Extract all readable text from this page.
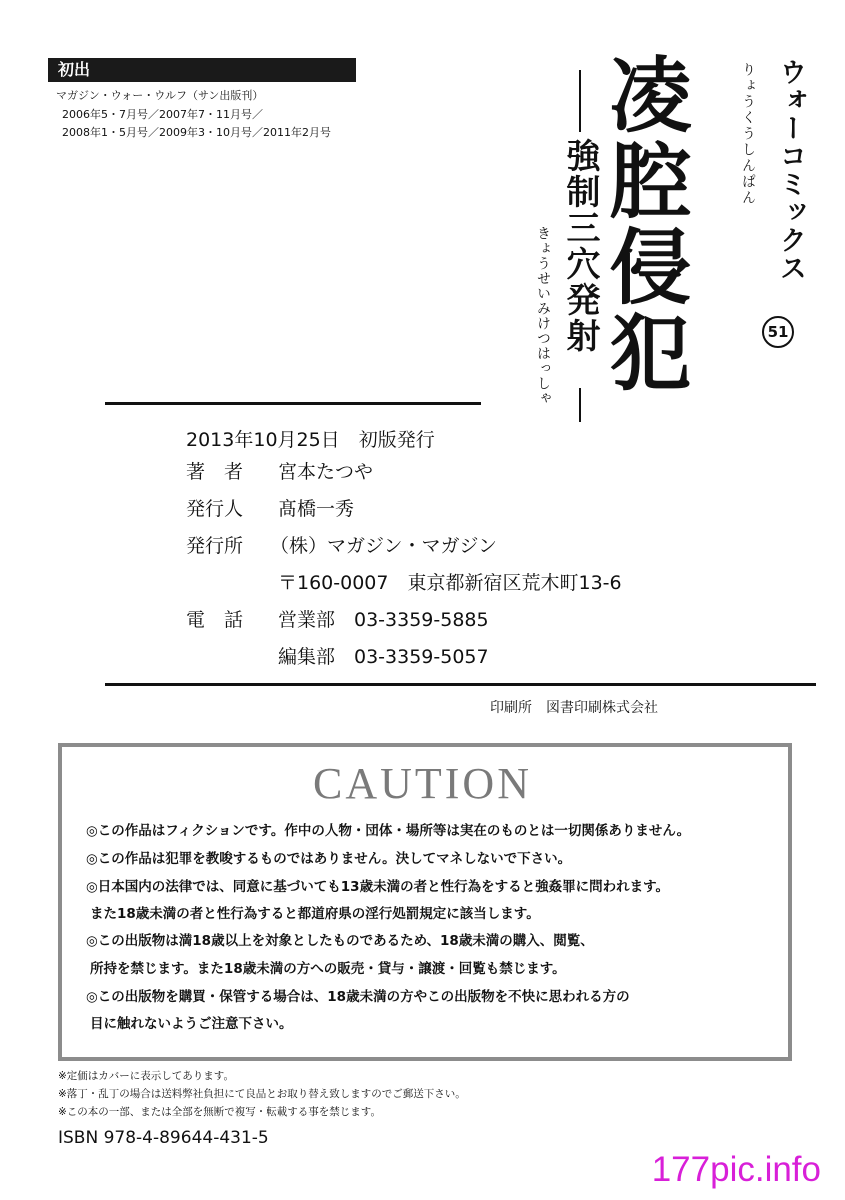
初出
マガジン・ウォー・ウルフ（サン出版刊）
2006年5・7月号／2007年7・11月号／
2008年1・5月号／2009年3・10月号／2011年2月号	ウォーコミックス
51
凌腔侵犯	りょうくうしんぱん
強制三穴発射
きょうせいみけつはっしゃ
2013年10月25日　初版発行
著　者 宮本たつや
発行人 髙橋一秀
発行所 （株）マガジン・マガジン
〒160-0007　東京都新宿区荒木町13-6
電　話 営業部　03-3359-5885
編集部　03-3359-5057
印刷所　図書印刷株式会社
CAUTION
◎この作品はフィクションです。作中の人物・団体・場所等は実在のものとは一切関係ありません。
◎この作品は犯罪を教唆するものではありません。決してマネしないで下さい。
◎日本国内の法律では、同意に基づいても13歳未満の者と性行為をすると強姦罪に問われます。
また18歳未満の者と性行為すると都道府県の淫行処罰規定に該当します。
◎この出版物は満18歳以上を対象としたものであるため、18歳未満の購入、閲覧、
所持を禁じます。また18歳未満の方への販売・貸与・譲渡・回覧も禁じます。
◎この出版物を購買・保管する場合は、18歳未満の方やこの出版物を不快に思われる方の
目に触れないようご注意下さい。
※定価はカバーに表示してあります。
※落丁・乱丁の場合は送料弊社負担にて良品とお取り替え致しますのでご郵送下さい。
※この本の一部、または全部を無断で複写・転載する事を禁じます。
ISBN 978-4-89644-431-5
177pic.info
